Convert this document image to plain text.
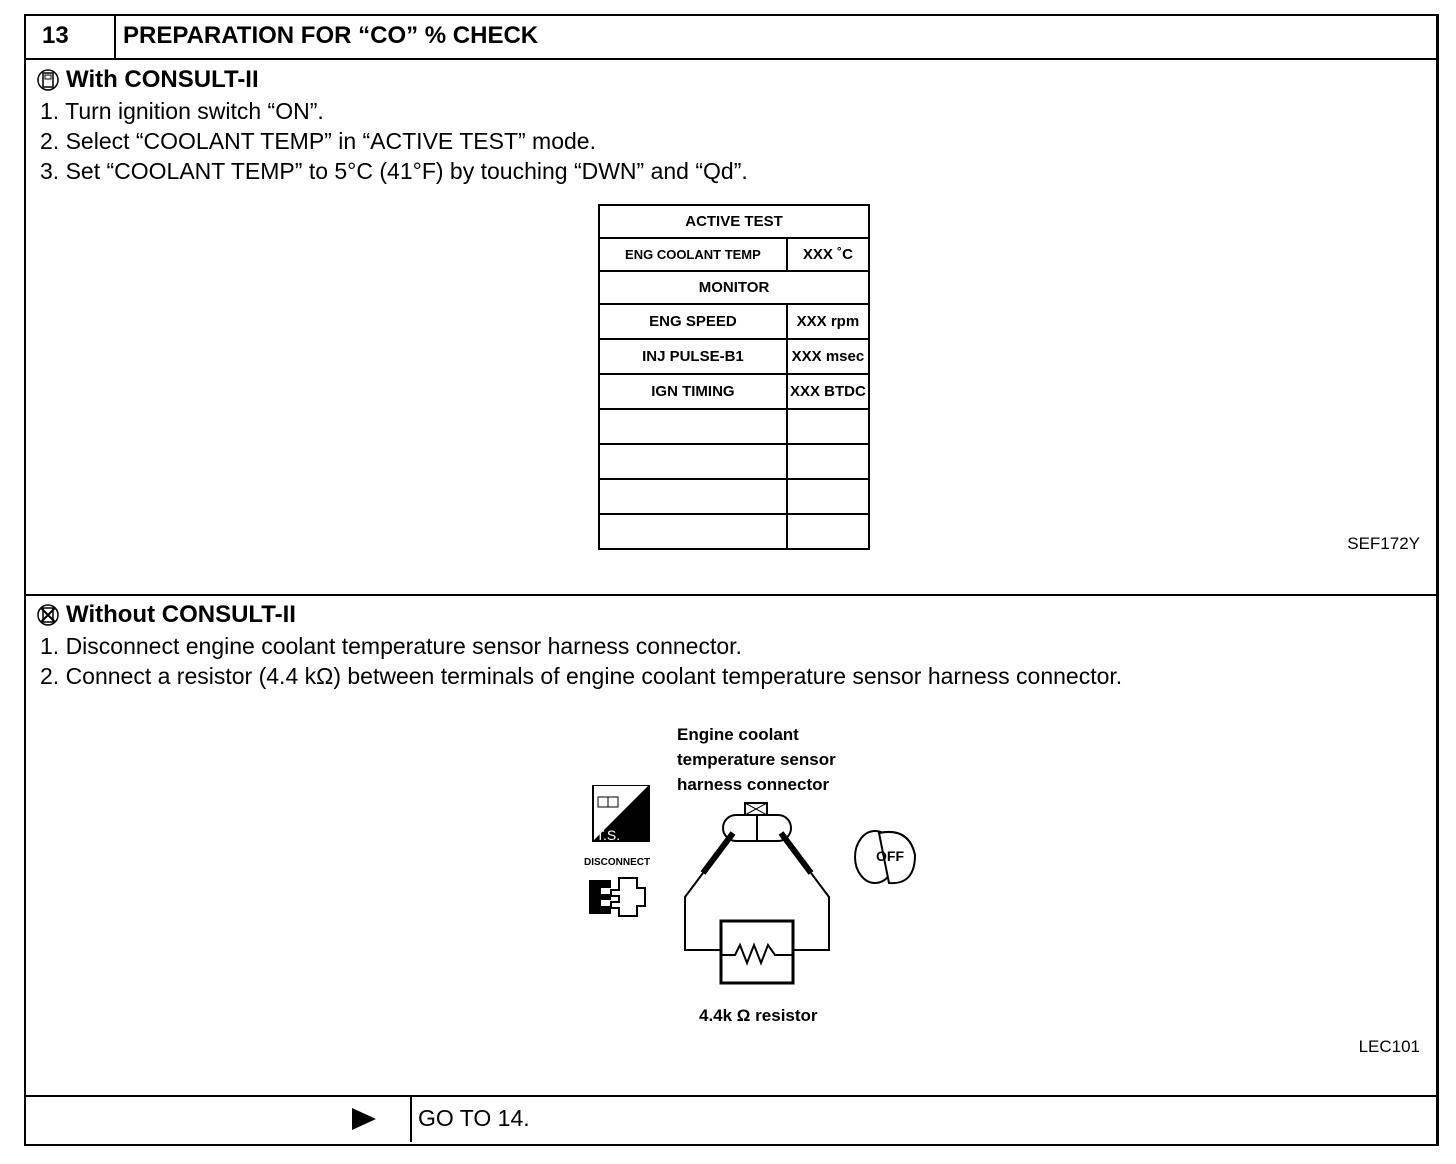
13 PREPARATION FOR “CO” % CHECK
With CONSULT-II
1. Turn ignition switch “ON”.
2. Select “COOLANT TEMP” in “ACTIVE TEST” mode.
3. Set “COOLANT TEMP” to 5°C (41°F) by touching “DWN” and “Qd”.
ACTIVE TEST	
ENG COOLANT TEMP	XXX ˚C
MONITOR	
ENG SPEED	XXX rpm
INJ PULSE-B1	XXX msec
IGN TIMING	XXX BTDC

SEF172Y
Without CONSULT-II
1. Disconnect engine coolant temperature sensor harness connector.
2. Connect a resistor (4.4 kΩ) between terminals of engine coolant temperature sensor harness connector.
Engine coolant
temperature sensor
harness connector
T.S.
DISCONNECT	OFF
4.4k Ω resistor
LEC101
GO TO 14.
